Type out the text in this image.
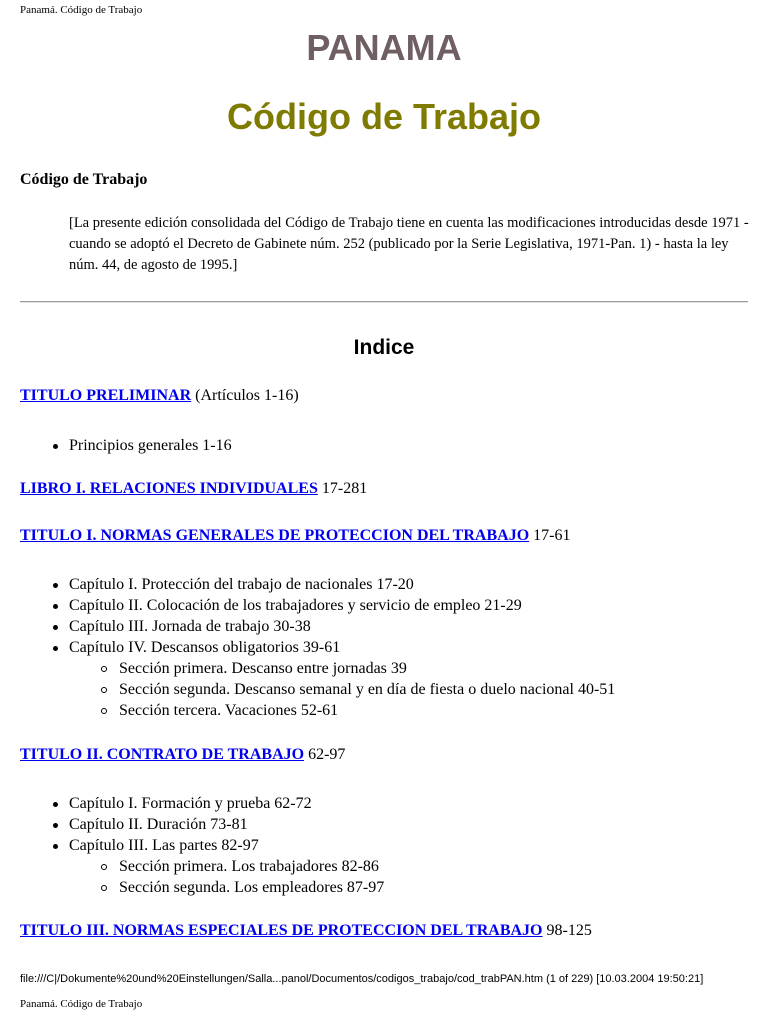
Panamá. Código de Trabajo
PANAMA
Código de Trabajo
Código de Trabajo
[La presente edición consolidada del Código de Trabajo tiene en cuenta las modificaciones introducidas desde 1971 - cuando se adoptó el Decreto de Gabinete núm. 252 (publicado por la Serie Legislativa, 1971-Pan. 1) - hasta la ley núm. 44, de agosto de 1995.]
Indice
TITULO PRELIMINAR (Artículos 1-16)
Principios generales 1-16
LIBRO I. RELACIONES INDIVIDUALES 17-281
TITULO I. NORMAS GENERALES DE PROTECCION DEL TRABAJO 17-61
Capítulo I. Protección del trabajo de nacionales 17-20
Capítulo II. Colocación de los trabajadores y servicio de empleo 21-29
Capítulo III. Jornada de trabajo 30-38
Capítulo IV. Descansos obligatorios 39-61
Sección primera. Descanso entre jornadas 39
Sección segunda. Descanso semanal y en día de fiesta o duelo nacional 40-51
Sección tercera. Vacaciones 52-61
TITULO II. CONTRATO DE TRABAJO 62-97
Capítulo I. Formación y prueba 62-72
Capítulo II. Duración 73-81
Capítulo III. Las partes 82-97
Sección primera. Los trabajadores 82-86
Sección segunda. Los empleadores 87-97
TITULO III. NORMAS ESPECIALES DE PROTECCION DEL TRABAJO 98-125
file:///C|/Dokumente%20und%20Einstellungen/Salla...panol/Documentos/codigos_trabajo/cod_trabPAN.htm (1 of 229) [10.03.2004 19:50:21]
Panamá. Código de Trabajo
